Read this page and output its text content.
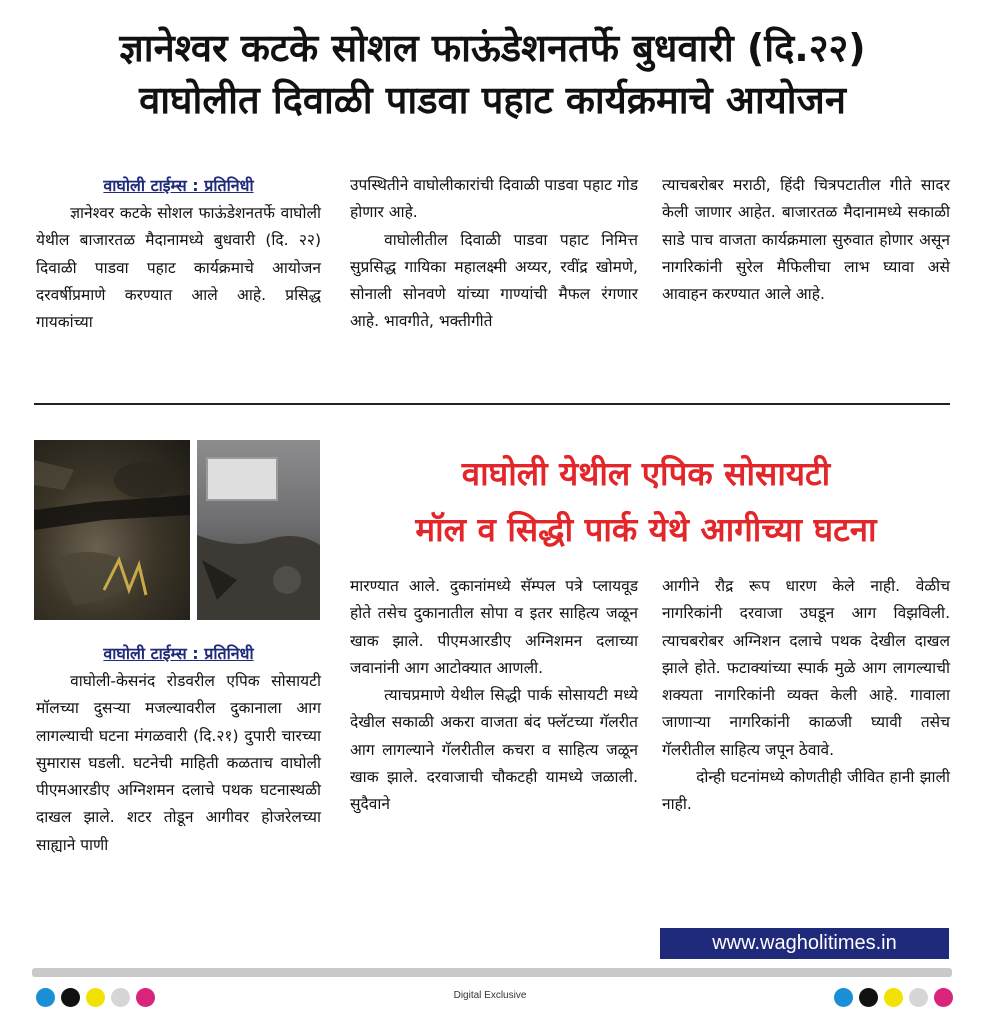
ज्ञानेश्वर कटके सोशल फाऊंडेशनतर्फे बुधवारी (दि.२२)
वाघोलीत दिवाळी पाडवा पहाट कार्यक्रमाचे आयोजन
वाघोली टाईम्स : प्रतिनिधी

ज्ञानेश्वर कटके सोशल फाऊंडेशनतर्फे वाघोली येथील बाजारतळ मैदानामध्ये बुधवारी (दि. २२) दिवाळी पाडवा पहाट कार्यक्रमाचे आयोजन दरवर्षीप्रमाणे करण्यात आले आहे. प्रसिद्ध गायकांच्या

उपस्थितीने वाघोलीकारांची दिवाळी पाडवा पहाट गोड होणार आहे.

वाघोलीतील दिवाळी पाडवा पहाट निमित्त सुप्रसिद्ध गायिका महालक्ष्मी अय्यर, रवींद्र खोमणे, सोनाली सोनवणे यांच्या गाण्यांची मैफल रंगणार आहे. भावगीते, भक्तीगीते

त्याचबरोबर मराठी, हिंदी चित्रपटातील गीते सादर केली जाणार आहेत. बाजारतळ मैदानामध्ये सकाळी साडे पाच वाजता कार्यक्रमाला सुरुवात होणार असून नागरिकांनी सुरेल मैफिलीचा लाभ घ्यावा असे आवाहन करण्यात आले आहे.

वाघोली येथील एपिक सोसायटी
मॉल व सिद्धी पार्क येथे आगीच्या घटना
वाघोली टाईम्स : प्रतिनिधी

वाघोली-केसनंद रोडवरील एपिक सोसायटी मॉलच्या दुसऱ्या मजल्यावरील दुकानाला आग लागल्याची घटना मंगळवारी (दि.२१) दुपारी चारच्या सुमारास घडली. घटनेची माहिती कळताच वाघोली पीएमआरडीए अग्निशमन दलाचे पथक घटनास्थळी दाखल झाले. शटर तोडून आगीवर होजरेलच्या साह्याने पाणी

मारण्यात आले. दुकानांमध्ये सॅम्पल पत्रे प्लायवूड होते तसेच दुकानातील सोपा व इतर साहित्य जळून खाक झाले. पीएमआरडीए अग्निशमन दलाच्या जवानांनी आग आटोक्यात आणली.

त्याचप्रमाणे येथील सिद्धी पार्क सोसायटी मध्ये देखील सकाळी अकरा वाजता बंद फ्लॅटच्या गॅलरीत आग लागल्याने गॅलरीतील कचरा व साहित्य जळून खाक झाले. दरवाजाची चौकटही यामध्ये जळाली. सुदैवाने

आगीने रौद्र रूप धारण केले नाही. वेळीच नागरिकांनी दरवाजा उघडून आग विझविली. त्याचबरोबर अग्निशन दलाचे पथक देखील दाखल झाले होते. फटाक्यांच्या स्पार्क मुळे आग लागल्याची शक्यता नागरिकांनी व्यक्त केली आहे. गावाला जाणाऱ्या नागरिकांनी काळजी घ्यावी तसेच गॅलरीतील साहित्य जपून ठेवावे.

दोन्ही घटनांमध्ये कोणतीही जीवित हानी झाली नाही.

www.wagholitimes.in
Digital Exclusive
